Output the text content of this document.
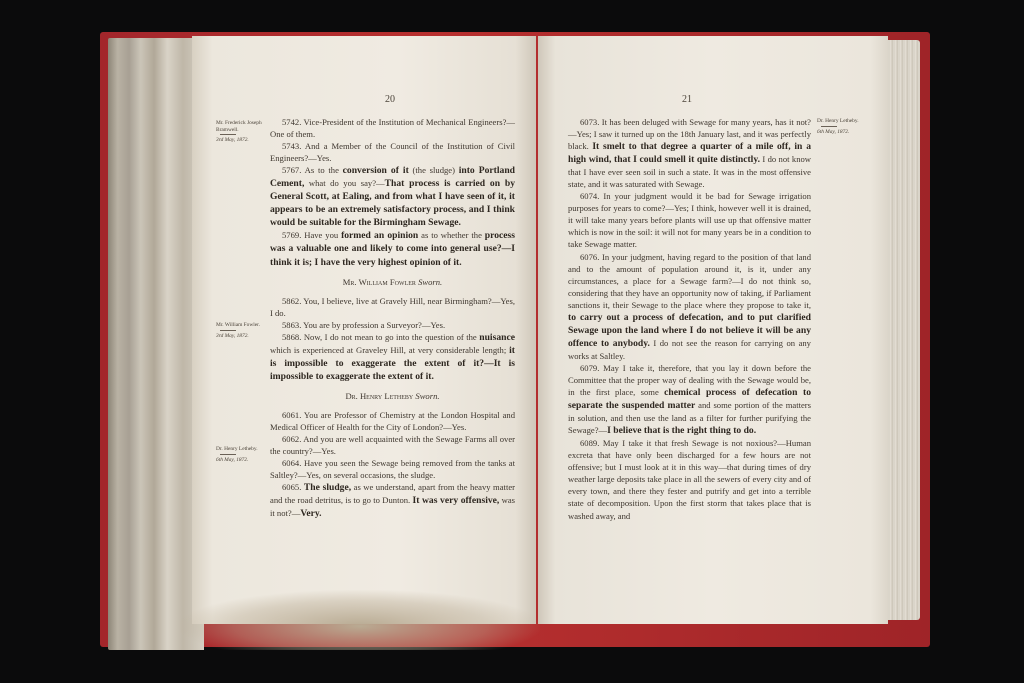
20
Mr. Frederick Joseph Bramwell.
3rd May, 1872.
Mr. William Fowler.
3rd May, 1872.
Dr. Henry Letheby.
6th May, 1872.

5742. Vice-President of the Institution of Mechanical Engineers?—One of them.

5743. And a Member of the Council of the Institution of Civil Engineers?—Yes.

5767. As to the conversion of it (the sludge) into Portland Cement, what do you say?—That process is carried on by General Scott, at Ealing, and from what I have seen of it, it appears to be an extremely satisfactory process, and I think would be suitable for the Birmingham Sewage.

5769. Have you formed an opinion as to whether the process was a valuable one and likely to come into general use?—I think it is; I have the very highest opinion of it.

Mr. William Fowler Sworn.

5862. You, I believe, live at Gravely Hill, near Birmingham?—Yes, I do.

5863. You are by profession a Surveyor?—Yes.

5868. Now, I do not mean to go into the question of the nuisance which is experienced at Graveley Hill, at very considerable length; it is impossible to exaggerate the extent of it?—It is impossible to exaggerate the extent of it.

Dr. Henry Letheby Sworn.

6061. You are Professor of Chemistry at the London Hospital and Medical Officer of Health for the City of London?—Yes.

6062. And you are well acquainted with the Sewage Farms all over the country?—Yes.

6064. Have you seen the Sewage being removed from the tanks at Saltley?—Yes, on several occasions, the sludge.

6065. The sludge, as we understand, apart from the heavy matter and the road detritus, is to go to Dunton. It was very offensive, was it not?—Very.

21
Dr. Henry Letheby.
6th May, 1872.

6073. It has been deluged with Sewage for many years, has it not?—Yes; I saw it turned up on the 18th January last, and it was perfectly black. It smelt to that degree a quarter of a mile off, in a high wind, that I could smell it quite distinctly. I do not know that I have ever seen soil in such a state. It was in the most offensive state, and it was saturated with Sewage.

6074. In your judgment would it be bad for Sewage irrigation purposes for years to come?—Yes; I think, however well it is drained, it will take many years before plants will use up that offensive matter which is now in the soil: it will not for many years be in a condition to take Sewage matter.

6076. In your judgment, having regard to the position of that land and to the amount of population around it, is it, under any circumstances, a place for a Sewage farm?—I do not think so, considering that they have an opportunity now of taking, if Parliament sanctions it, their Sewage to the place where they propose to take it, to carry out a process of defecation, and to put clarified Sewage upon the land where I do not believe it will be any offence to anybody. I do not see the reason for carrying on any works at Saltley.

6079. May I take it, therefore, that you lay it down before the Committee that the proper way of dealing with the Sewage would be, in the first place, some chemical process of defecation to separate the suspended matter and some portion of the matters in solution, and then use the land as a filter for further purifying the Sewage?—I believe that is the right thing to do.

6089. May I take it that fresh Sewage is not noxious?—Human excreta that have only been discharged for a few hours are not offensive; but I must look at it in this way—that during times of dry weather large deposits take place in all the sewers of every city and of every town, and there they fester and putrify and get into a terrible state of decomposition. Upon the first storm that takes place that is washed away, and
